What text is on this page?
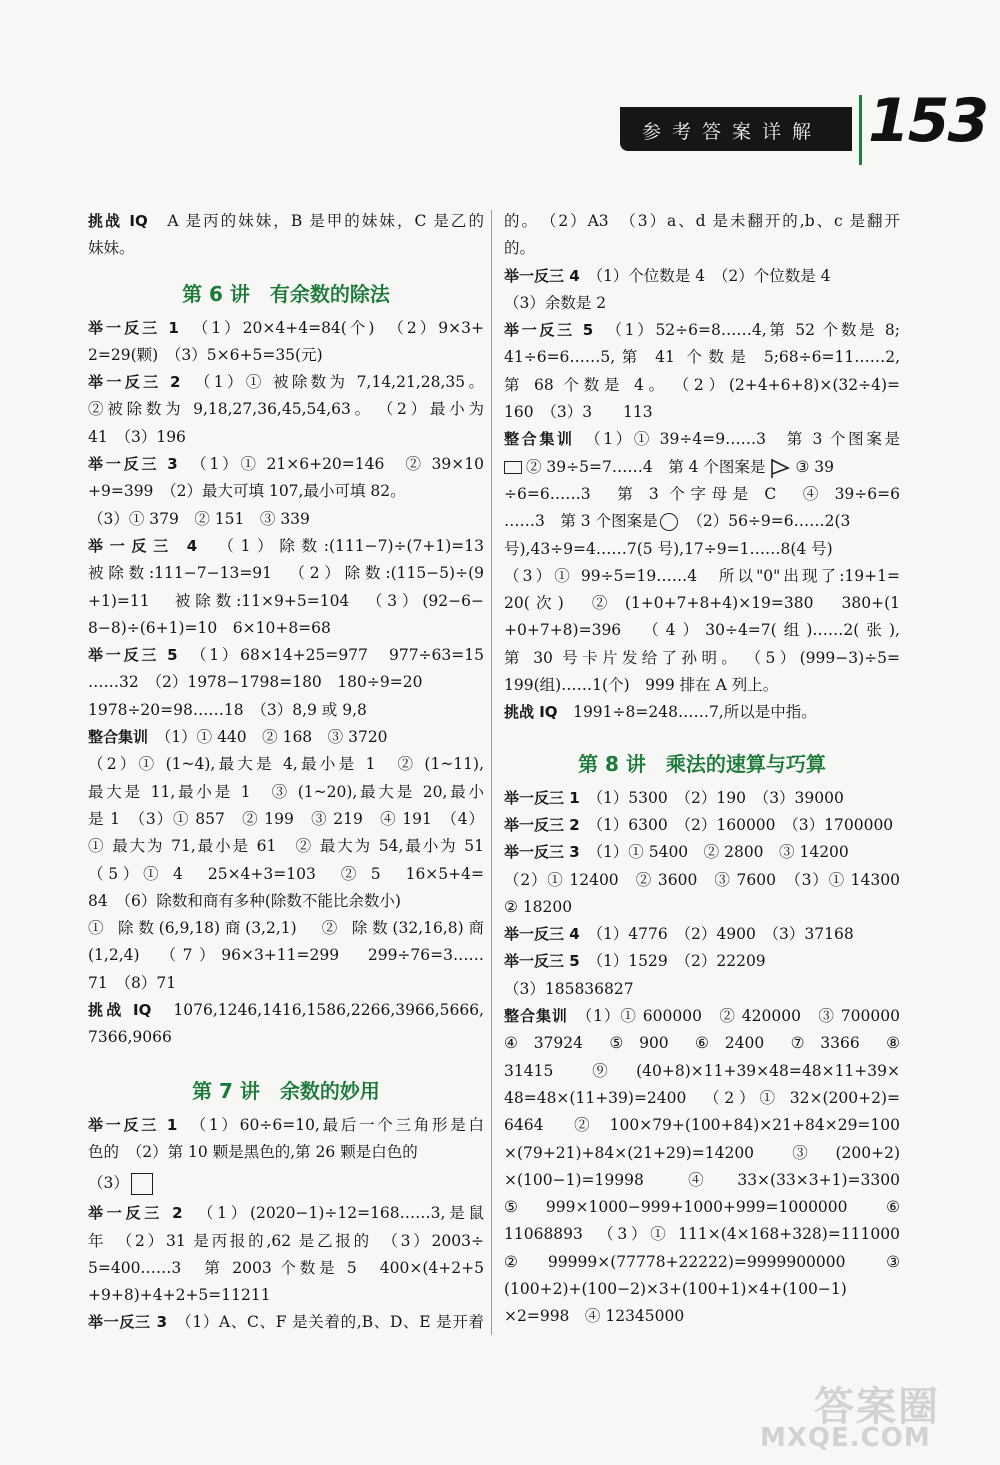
参考答案详解 153
挑战 IQ　 A 是丙的妹妹，B 是甲的妹妹，C 是乙的
妹妹。
第 6 讲　有余数的除法
举一反三 1　 （1）20×4+4=84(个)　（2）9×3+
2=29(颗)　（3）5×6+5=35(元)
举一反三 2　 （1）① 被除数为 7,14,21,28,35。
②被除数为 9,18,27,36,45,54,63。　（2）最小为
41　（3）196
举一反三 3　 （1）① 21×6+20=146　② 39×10
+9=399　（2）最大可填 107,最小可填 82。
（3）① 379　② 151　③ 339
举一反三 4　 （1）除数:(111−7)÷(7+1)=13
被除数:111−7−13=91　（2）除数:(115−5)÷(9
+1)=11　被除数:11×9+5=104　（3）(92−6−
8−8)÷(6+1)=10　6×10+8=68
举一反三 5　 （1）68×14+25=977　977÷63=15
……32　（2）1978−1798=180　180÷9=20
1978÷20=98……18　（3）8,9 或 9,8
整合集训　 （1）① 440　② 168　③ 3720
（2）① (1~4),最大是 4,最小是 1　② (1~11),
最大是 11,最小是 1　③ (1~20),最大是 20,最小
是 1　（3）① 857　② 199　③ 219　④ 191　（4）
① 最大为 71,最小是 61　② 最大为 54,最小为 51
（5）① 4　25×4+3=103　② 5　16×5+4=
84　（6）除数和商有多种(除数不能比余数小)
① 除数(6,9,18)商(3,2,1)　② 除数(32,16,8)商
(1,2,4)　（7）96×3+11=299　299÷76=3……
71　（8）71
挑战 IQ　 1076,1246,1416,1586,2266,3966,5666,
7366,9066
第 7 讲　余数的妙用
举一反三 1　 （1）60÷6=10,最后一个三角形是白
色的　（2）第 10 颗是黑色的,第 26 颗是白色的
（3）
举一反三 2　 （1）(2020−1)÷12=168……3,是鼠
年　（2）31 是丙报的,62 是乙报的　（3）2003÷
5=400……3　第 2003 个数是 5　400×(4+2+5
+9+8)+4+2+5=11211
举一反三 3　 （1）A、C、F 是关着的,B、D、E 是开着
的。　（2）A3　（3）a、d 是未翻开的,b、c 是翻开
的。
举一反三 4　 （1）个位数是 4　（2）个位数是 4
（3）余数是 2
举一反三 5　 （1）52÷6=8……4,第 52 个数是 8;
41÷6=6……5,第 41 个数是 5;68÷6=11……2,
第 68 个数是 4。　（2）(2+4+6+8)×(32÷4)=
160　（3）3　　113
整合集训　 （1）① 39÷4=9……3　第 3 个图案是
② 39÷5=7……4　第 4 个图案是 ③ 39
÷6=6……3　第 3 个字母是 C　④ 39÷6=6
……3　第 3 个图案是　 （2）56÷9=6……2(3
号),43÷9=4……7(5 号),17÷9=1……8(4 号)
（3）① 99÷5=19……4　所以"0"出现了:19+1=
20(次)　② (1+0+7+8+4)×19=380　380+(1
+0+7+8)=396　（4）30÷4=7(组)……2(张),
第 30 号卡片发给了孙明。　（5）(999−3)÷5=
199(组)……1(个)　999 排在 A 列上。
挑战 IQ　 1991÷8=248……7,所以是中指。
第 8 讲　乘法的速算与巧算
举一反三 1　 （1）5300　（2）190　（3）39000
举一反三 2　 （1）6300　（2）160000　（3）1700000
举一反三 3　 （1）① 5400　② 2800　③ 14200
（2）① 12400　② 3600　③ 7600　（3）① 14300
② 18200
举一反三 4　 （1）4776　（2）4900　（3）37168
举一反三 5　 （1）1529　（2）22209
（3）185836827
整合集训　 （1）① 600000　② 420000　③ 700000
④ 37924　⑤ 900　⑥ 2400　⑦ 3366　⑧
31415　⑨ (40+8)×11+39×48=48×11+39×
48=48×(11+39)=2400　（2）① 32×(200+2)=
6464　② 100×79+(100+84)×21+84×29=100
×(79+21)+84×(21+29)=14200　③ (200+2)
×(100−1)=19998　④ 33×(33×3+1)=3300
⑤ 999×1000−999+1000+999=1000000　⑥
11068893　（3）① 111×(4×168+328)=111000
② 99999×(77778+22222)=9999900000　③
(100+2)+(100−2)×3+(100+1)×4+(100−1)
×2=998　④ 12345000
答案圈
MXQE.COM
